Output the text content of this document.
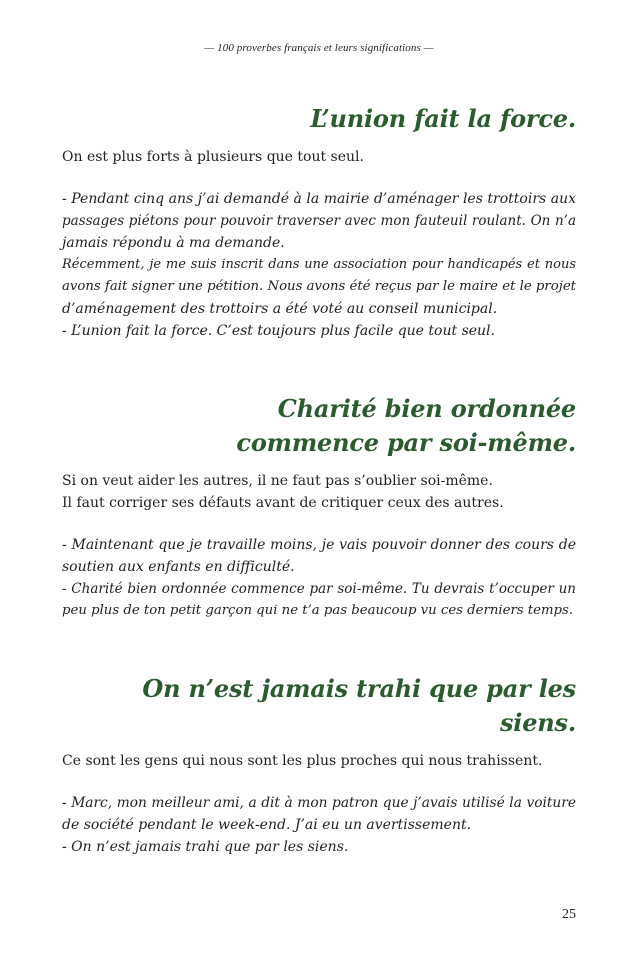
— 100 proverbes français et leurs significations —
L’union fait la force.

On est plus forts à plusieurs que tout seul.

- Pendant cinq ans j’ai demandé à la mairie d’aménager les trottoirs aux
passages piétons pour pouvoir traverser avec mon fauteuil roulant. On n’a
jamais répondu à ma demande.
Récemment, je me suis inscrit dans une association pour handicapés et nous
avons fait signer une pétition. Nous avons été reçus par le maire et le projet
d’aménagement des trottoirs a été voté au conseil municipal.
- L’union fait la force. C’est toujours plus facile que tout seul.

Charité bien ordonnée
commence par soi-même.

Si on veut aider les autres, il ne faut pas s’oublier soi-même.
Il faut corriger ses défauts avant de critiquer ceux des autres.

- Maintenant que je travaille moins, je vais pouvoir donner des cours de
soutien aux enfants en difficulté.
- Charité bien ordonnée commence par soi-même. Tu devrais t’occuper un
peu plus de ton petit garçon qui ne t’a pas beaucoup vu ces derniers temps.

On n’est jamais trahi que par les siens.

Ce sont les gens qui nous sont les plus proches qui nous trahissent.

- Marc, mon meilleur ami, a dit à mon patron que j’avais utilisé la voiture
de société pendant le week-end. J’ai eu un avertissement.
- On n’est jamais trahi que par les siens.

25
